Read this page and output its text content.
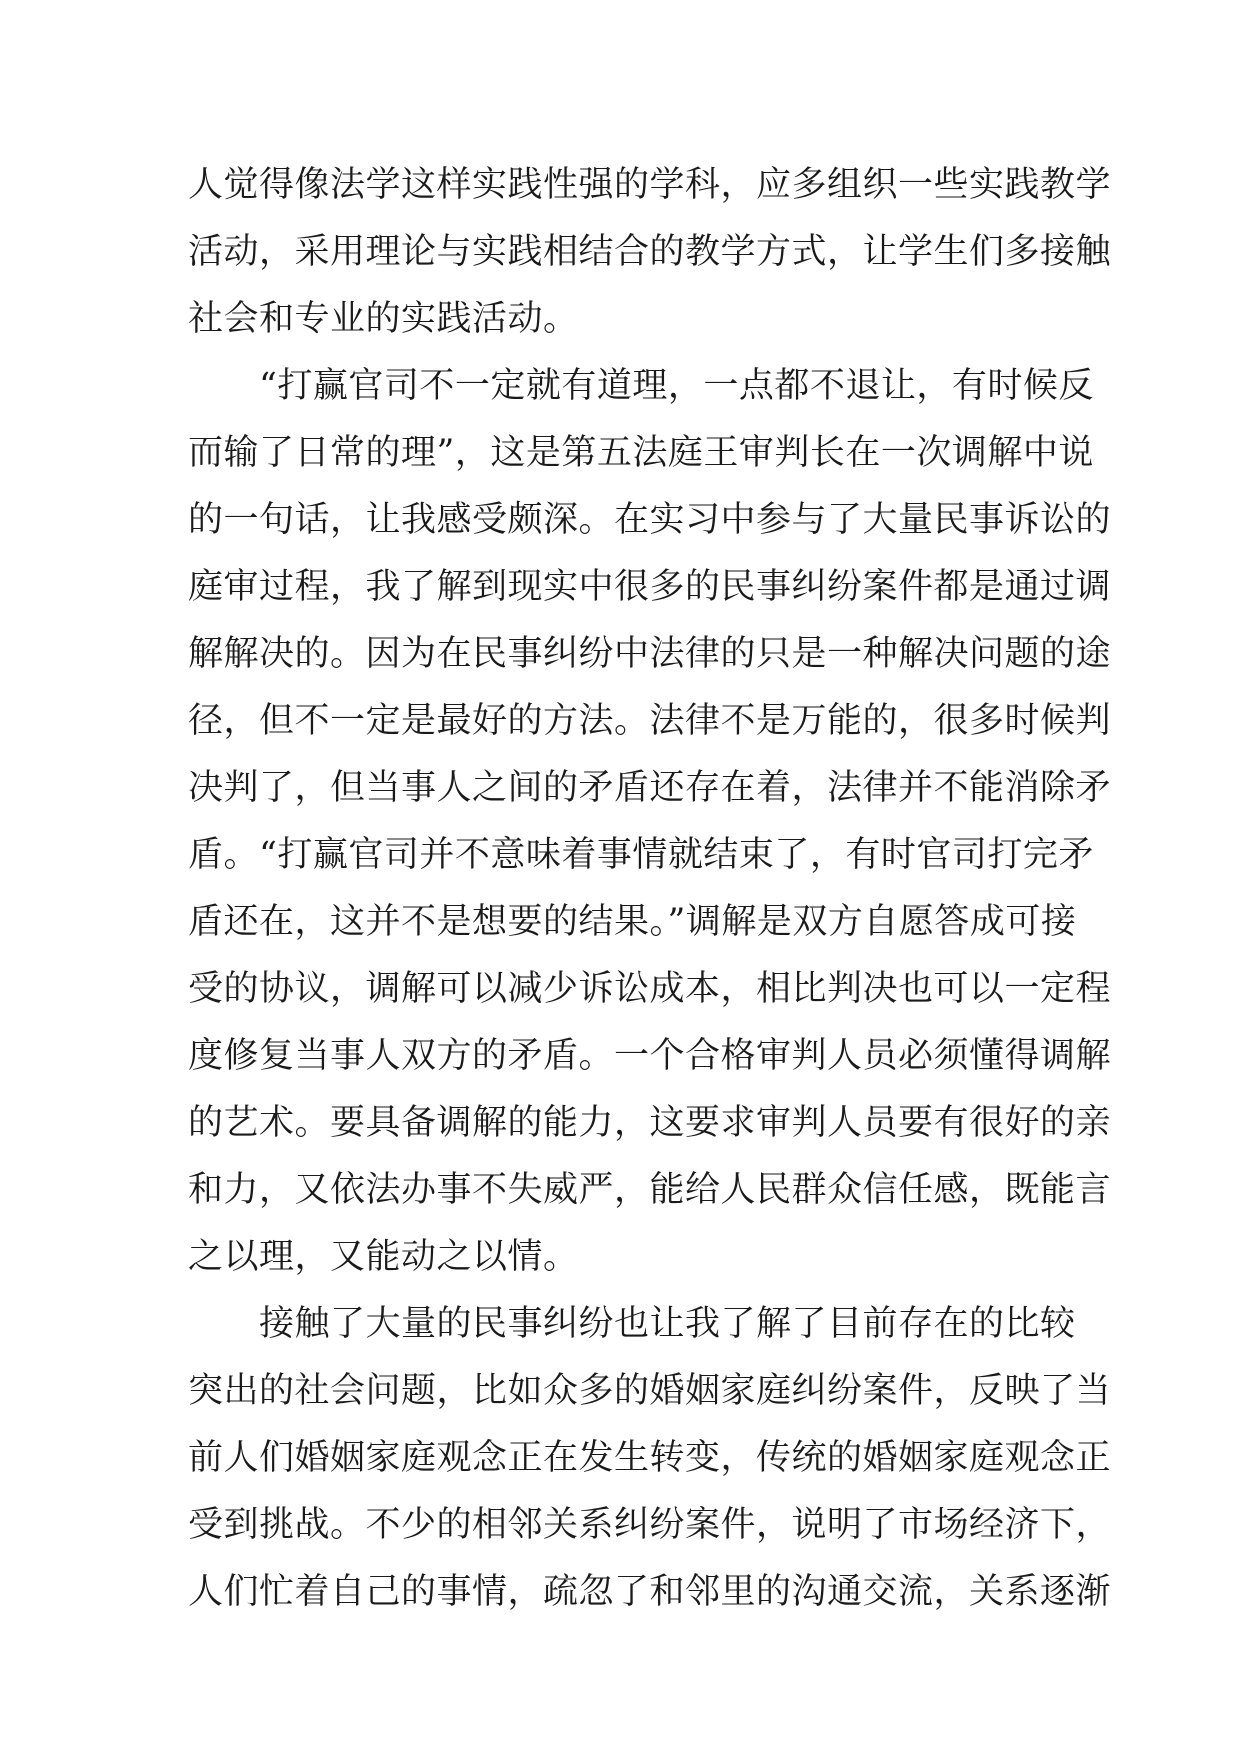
人觉得像法学这样实践性强的学科，应多组织一些实践教学
活动，采用理论与实践相结合的教学方式，让学生们多接触
社会和专业的实践活动。
“打赢官司不一定就有道理，一点都不退让，有时候反
而输了日常的理”，这是第五法庭王审判长在一次调解中说
的一句话，让我感受颇深。在实习中参与了大量民事诉讼的
庭审过程，我了解到现实中很多的民事纠纷案件都是通过调
解解决的。因为在民事纠纷中法律的只是一种解决问题的途
径，但不一定是最好的方法。法律不是万能的，很多时候判
决判了，但当事人之间的矛盾还存在着，法律并不能消除矛
盾。“打赢官司并不意味着事情就结束了，有时官司打完矛
盾还在，这并不是想要的结果。”调解是双方自愿答成可接
受的协议，调解可以减少诉讼成本，相比判决也可以一定程
度修复当事人双方的矛盾。一个合格审判人员必须懂得调解
的艺术。要具备调解的能力，这要求审判人员要有很好的亲
和力，又依法办事不失威严，能给人民群众信任感，既能言
之以理，又能动之以情。
接触了大量的民事纠纷也让我了解了目前存在的比较
突出的社会问题，比如众多的婚姻家庭纠纷案件，反映了当
前人们婚姻家庭观念正在发生转变，传统的婚姻家庭观念正
受到挑战。不少的相邻关系纠纷案件，说明了市场经济下，
人们忙着自己的事情，疏忽了和邻里的沟通交流，关系逐渐
